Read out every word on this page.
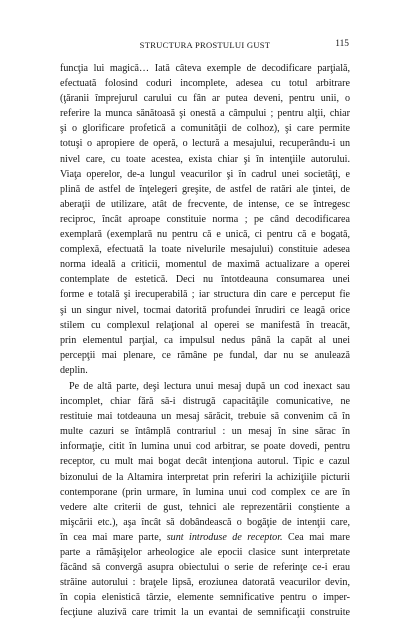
STRUCTURA PROSTULUI GUST	115
funcţia lui magică… Iată câteva exemple de decodificare parţială,
efectuată folosind coduri incomplete, adesea cu totul arbitrare
(ţăranii împrejurul carului cu fân ar putea deveni, pentru unii, o
referire la munca sănătoasă şi onestă a câmpului ; pentru alţii, chiar
şi o glorificare profetică a comunităţii de colhoz), şi care permite
totuşi o apropiere de operă, o lectură a mesajului, recuperându-i un
nivel care, cu toate acestea, exista chiar şi în intenţiile autorului.
Viaţa operelor, de-a lungul veacurilor şi în cadrul unei societăţi, e
plină de astfel de înţelegeri greşite, de astfel de ratări ale ţintei, de
aberaţii de utilizare, atât de frecvente, de intense, ce se întregesc
reciproc, încât aproape constituie norma ; pe când decodificarea
exemplară (exemplară nu pentru că e unică, ci pentru că e bogată,
complexă, efectuată la toate nivelurile mesajului) constituie adesea
norma ideală a criticii, momentul de maximă actualizare a operei
contemplate de estetică. Deci nu întotdeauna consumarea unei
forme e totală şi irecuperabilă ; iar structura din care e perceput fie
şi un singur nivel, tocmai datorită profundei înrudiri ce leagă orice
stilem cu complexul relaţional al operei se manifestă în treacăt,
prin elementul parţial, ca impulsul nedus până la capăt al unei
percepţii mai plenare, ce rămâne pe fundal, dar nu se anulează
deplin.
Pe de altă parte, deşi lectura unui mesaj după un cod inexact sau
incomplet, chiar fără să-i distrugă capacităţile comunicative, ne
restituie mai totdeauna un mesaj sărăcit, trebuie să convenim că în
multe cazuri se întâmplă contrariul : un mesaj în sine sărac în
informaţie, citit în lumina unui cod arbitrar, se poate dovedi, pentru
receptor, cu mult mai bogat decât intenţiona autorul. Tipic e cazul
bizonului de la Altamira interpretat prin referiri la achiziţiile picturii
contemporane (prin urmare, în lumina unui cod complex ce are în
vedere alte criterii de gust, tehnici ale reprezentării conştiente a
mişcării etc.), aşa încât să dobândească o bogăţie de intenţii care,
în cea mai mare parte, sunt introduse de receptor. Cea mai mare
parte a rămăşiţelor arheologice ale epocii clasice sunt interpretate
făcând să convergă asupra obiectului o serie de referinţe ce-i erau
străine autorului : braţele lipsă, eroziunea datorată veacurilor devin,
în copia elenistică târzie, elemente semnificative pentru o imper-
fecţiune aluzivă care trimit la un evantai de semnificaţii construite
